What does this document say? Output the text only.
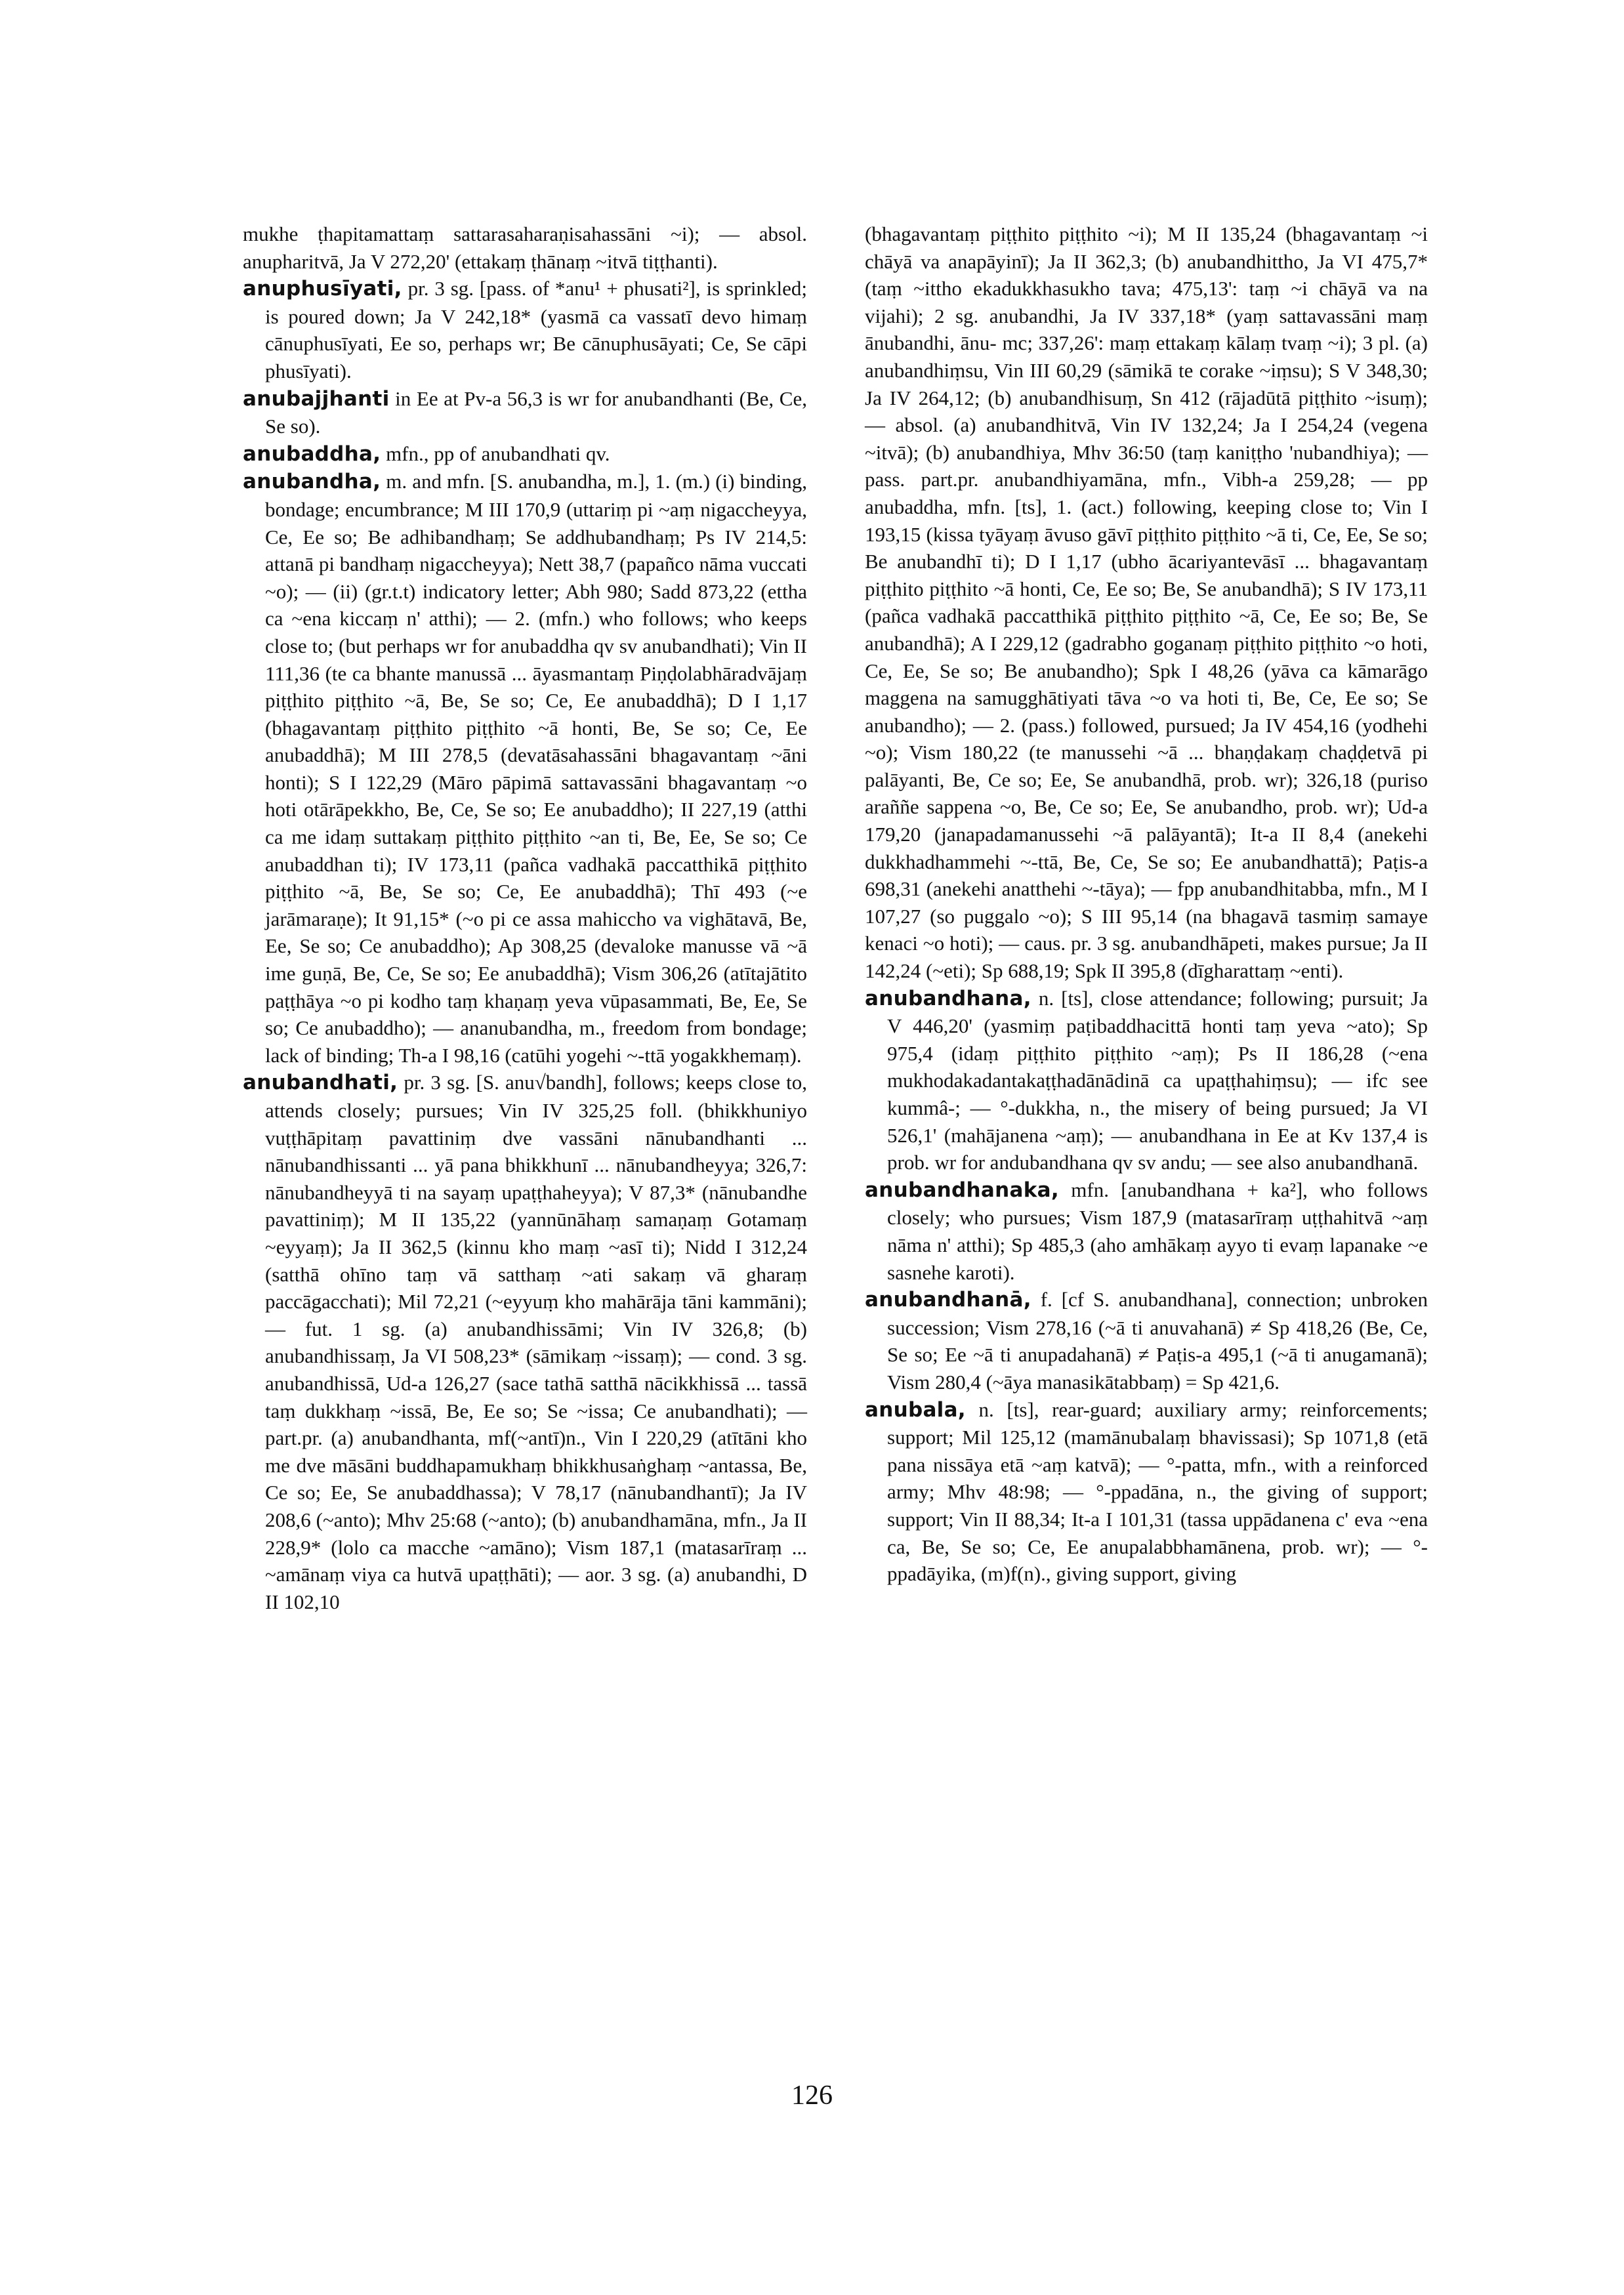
mukhe ṭhapitamattaṃ sattarasaharaṇisahassāni ~i); — absol. anupharitvā, Ja V 272,20' (ettakaṃ ṭhānaṃ ~itvā tiṭṭhanti).

anuphusīyati, pr. 3 sg. [pass. of *anu¹ + phusati²], is sprinkled; is poured down; Ja V 242,18* (yasmā ca vassatī devo himaṃ cānuphusīyati, Ee so, perhaps wr; Be cānuphusāyati; Ce, Se cāpi phusīyati).

anubajjhanti in Ee at Pv-a 56,3 is wr for anubandhanti (Be, Ce, Se so).

anubaddha, mfn., pp of anubandhati qv.

anubandha, m. and mfn. [S. anubandha, m.], 1. (m.) (i) binding, bondage; encumbrance; M III 170,9 (uttariṃ pi ~aṃ nigaccheyya, Ce, Ee so; Be adhibandhaṃ; Se addhubandhaṃ; Ps IV 214,5: attanā pi bandhaṃ nigaccheyya); Nett 38,7 (papañco nāma vuccati ~o); — (ii) (gr.t.t) indicatory letter; Abh 980; Sadd 873,22 (ettha ca ~ena kiccaṃ n' atthi); — 2. (mfn.) who follows; who keeps close to; (but perhaps wr for anubaddha qv sv anubandhati); Vin II 111,36 (te ca bhante manussā ... āyasmantaṃ Piṇḍolabhāradvājaṃ piṭṭhito piṭṭhito ~ā, Be, Se so; Ce, Ee anubaddhā); D I 1,17 (bhagavantaṃ piṭṭhito piṭṭhito ~ā honti, Be, Se so; Ce, Ee anubaddhā); M III 278,5 (devatāsahassāni bhagavantaṃ ~āni honti); S I 122,29 (Māro pāpimā sattavassāni bhagavantaṃ ~o hoti otārāpekkho, Be, Ce, Se so; Ee anubaddho); II 227,19 (atthi ca me idaṃ suttakaṃ piṭṭhito piṭṭhito ~an ti, Be, Ee, Se so; Ce anubaddhan ti); IV 173,11 (pañca vadhakā paccatthikā piṭṭhito piṭṭhito ~ā, Be, Se so; Ce, Ee anubaddhā); Thī 493 (~e jarāmaraṇe); It 91,15* (~o pi ce assa mahiccho va vighātavā, Be, Ee, Se so; Ce anubaddho); Ap 308,25 (devaloke manusse vā ~ā ime guṇā, Be, Ce, Se so; Ee anubaddhā); Vism 306,26 (atītajātito paṭṭhāya ~o pi kodho taṃ khaṇaṃ yeva vūpasammati, Be, Ee, Se so; Ce anubaddho); — ananubandha, m., freedom from bondage; lack of binding; Th-a I 98,16 (catūhi yogehi ~-ttā yogakkhemaṃ).

anubandhati, pr. 3 sg. [S. anu√bandh], follows; keeps close to, attends closely; pursues; Vin IV 325,25 foll. (bhikkhuniyo vuṭṭhāpitaṃ pavattiniṃ dve vassāni nānubandhanti ... nānubandhissanti ... yā pana bhikkhunī ... nānubandheyya; 326,7: nānubandheyyā ti na sayaṃ upaṭṭhaheyya); V 87,3* (nānubandhe pavattiniṃ); M II 135,22 (yannūnāhaṃ samaṇaṃ Gotamaṃ ~eyyaṃ); Ja II 362,5 (kinnu kho maṃ ~asī ti); Nidd I 312,24 (satthā ohīno taṃ vā satthaṃ ~ati sakaṃ vā gharaṃ paccāgacchati); Mil 72,21 (~eyyuṃ kho mahārāja tāni kammāni); — fut. 1 sg. (a) anubandhissāmi; Vin IV 326,8; (b) anubandhissaṃ, Ja VI 508,23* (sāmikaṃ ~issaṃ); — cond. 3 sg. anubandhissā, Ud-a 126,27 (sace tathā satthā nācikkhissā ... tassā taṃ dukkhaṃ ~issā, Be, Ee so; Se ~issa; Ce anubandhati); — part.pr. (a) anubandhanta, mf(~antī)n., Vin I 220,29 (atītāni kho me dve māsāni buddhapamukhaṃ bhikkhusaṅghaṃ ~antassa, Be, Ce so; Ee, Se anubaddhassa); V 78,17 (nānubandhantī); Ja IV 208,6 (~anto); Mhv 25:68 (~anto); (b) anubandhamāna, mfn., Ja II 228,9* (lolo ca macche ~amāno); Vism 187,1 (matasarīraṃ ... ~amānaṃ viya ca hutvā upaṭṭhāti); — aor. 3 sg. (a) anubandhi, D II 102,10

(bhagavantaṃ piṭṭhito piṭṭhito ~i); M II 135,24 (bhagavantaṃ ~i chāyā va anapāyinī); Ja II 362,3; (b) anubandhittho, Ja VI 475,7* (taṃ ~ittho ekadukkhasukho tava; 475,13': taṃ ~i chāyā va na vijahi); 2 sg. anubandhi, Ja IV 337,18* (yaṃ sattavassāni maṃ ānubandhi, ānu- mc; 337,26': maṃ ettakaṃ kālaṃ tvaṃ ~i); 3 pl. (a) anubandhiṃsu, Vin III 60,29 (sāmikā te corake ~iṃsu); S V 348,30; Ja IV 264,12; (b) anubandhisuṃ, Sn 412 (rājadūtā piṭṭhito ~isuṃ); — absol. (a) anubandhitvā, Vin IV 132,24; Ja I 254,24 (vegena ~itvā); (b) anubandhiya, Mhv 36:50 (taṃ kaniṭṭho 'nubandhiya); — pass. part.pr. anubandhiyamāna, mfn., Vibh-a 259,28; — pp anubaddha, mfn. [ts], 1. (act.) following, keeping close to; Vin I 193,15 (kissa tyāyaṃ āvuso gāvī piṭṭhito piṭṭhito ~ā ti, Ce, Ee, Se so; Be anubandhī ti); D I 1,17 (ubho ācariyantevāsī ... bhagavantaṃ piṭṭhito piṭṭhito ~ā honti, Ce, Ee so; Be, Se anubandhā); S IV 173,11 (pañca vadhakā paccatthikā piṭṭhito piṭṭhito ~ā, Ce, Ee so; Be, Se anubandhā); A I 229,12 (gadrabho goganaṃ piṭṭhito piṭṭhito ~o hoti, Ce, Ee, Se so; Be anubandho); Spk I 48,26 (yāva ca kāmarāgo maggena na samugghātiyati tāva ~o va hoti ti, Be, Ce, Ee so; Se anubandho); — 2. (pass.) followed, pursued; Ja IV 454,16 (yodhehi ~o); Vism 180,22 (te manussehi ~ā ... bhaṇḍakaṃ chaḍḍetvā pi palāyanti, Be, Ce so; Ee, Se anubandhā, prob. wr); 326,18 (puriso araññe sappena ~o, Be, Ce so; Ee, Se anubandho, prob. wr); Ud-a 179,20 (janapadamanussehi ~ā palāyantā); It-a II 8,4 (anekehi dukkhadhammehi ~-ttā, Be, Ce, Se so; Ee anubandhattā); Paṭis-a 698,31 (anekehi anatthehi ~-tāya); — fpp anubandhitabba, mfn., M I 107,27 (so puggalo ~o); S III 95,14 (na bhagavā tasmiṃ samaye kenaci ~o hoti); — caus. pr. 3 sg. anubandhāpeti, makes pursue; Ja II 142,24 (~eti); Sp 688,19; Spk II 395,8 (dīgharattaṃ ~enti).

anubandhana, n. [ts], close attendance; following; pursuit; Ja V 446,20' (yasmiṃ paṭibaddhacittā honti taṃ yeva ~ato); Sp 975,4 (idaṃ piṭṭhito piṭṭhito ~aṃ); Ps II 186,28 (~ena mukhodakadantakaṭṭhadānādinā ca upaṭṭhahiṃsu); — ifc see kummâ-; — °-dukkha, n., the misery of being pursued; Ja VI 526,1' (mahājanena ~aṃ); — anubandhana in Ee at Kv 137,4 is prob. wr for andubandhana qv sv andu; — see also anubandhanā.

anubandhanaka, mfn. [anubandhana + ka²], who follows closely; who pursues; Vism 187,9 (matasarīraṃ uṭṭhahitvā ~aṃ nāma n' atthi); Sp 485,3 (aho amhākaṃ ayyo ti evaṃ lapanake ~e sasnehe karoti).

anubandhanā, f. [cf S. anubandhana], connection; unbroken succession; Vism 278,16 (~ā ti anuvahanā) ≠ Sp 418,26 (Be, Ce, Se so; Ee ~ā ti anupadahanā) ≠ Paṭis-a 495,1 (~ā ti anugamanā); Vism 280,4 (~āya manasikātabbaṃ) = Sp 421,6.

anubala, n. [ts], rear-guard; auxiliary army; reinforcements; support; Mil 125,12 (mamānubalaṃ bhavissasi); Sp 1071,8 (etā pana nissāya etā ~aṃ katvā); — °-patta, mfn., with a reinforced army; Mhv 48:98; — °-ppadāna, n., the giving of support; support; Vin II 88,34; It-a I 101,31 (tassa uppādanena c' eva ~ena ca, Be, Se so; Ce, Ee anupalabbhamānena, prob. wr); — °-ppadāyika, (m)f(n)., giving support, giving

126
